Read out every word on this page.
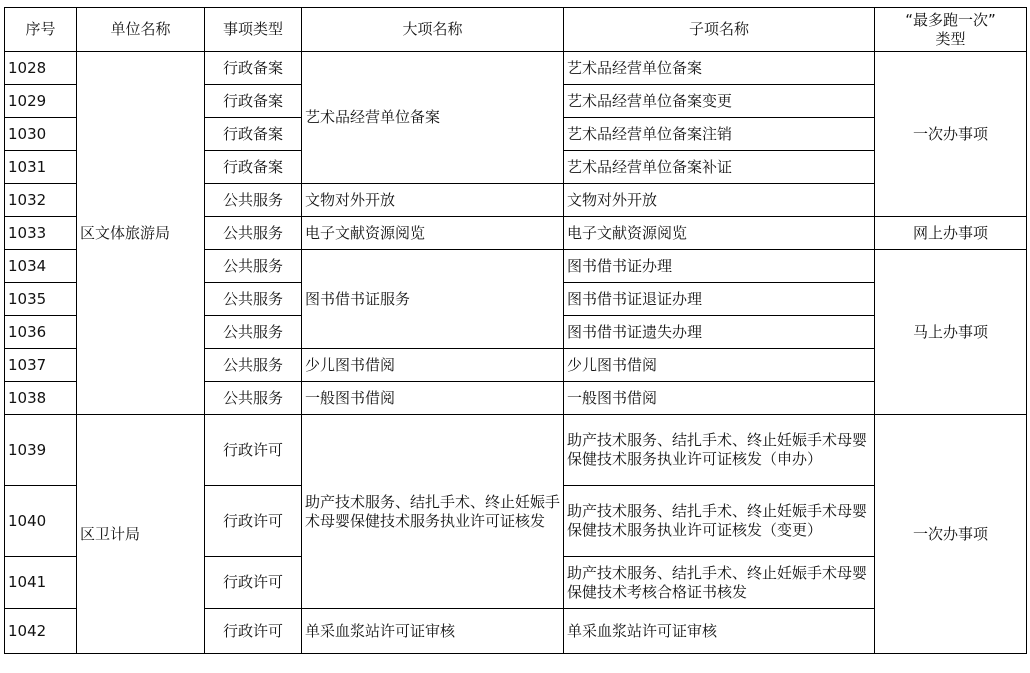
序号	单位名称	事项类型	大项名称	子项名称	“最多跑一次”
类型

1028	区文体旅游局	行政备案	艺术品经营单位备案	艺术品经营单位备案	一次办事项
1029		行政备案		艺术品经营单位备案变更	
1030		行政备案		艺术品经营单位备案注销	
1031		行政备案		艺术品经营单位备案补证	
1032		公共服务	文物对外开放	文物对外开放	
1033		公共服务	电子文献资源阅览	电子文献资源阅览	网上办事项
1034		公共服务	图书借书证服务	图书借书证办理	马上办事项
1035		公共服务		图书借书证退证办理	
1036		公共服务		图书借书证遗失办理	
1037		公共服务	少儿图书借阅	少儿图书借阅	
1038		公共服务	一般图书借阅	一般图书借阅	
1039	区卫计局	行政许可	助产技术服务、结扎手术、终止妊娠手术母婴保健技术服务执业许可证核发	助产技术服务、结扎手术、终止妊娠手术母婴保健技术服务执业许可证核发（申办）	一次办事项
1040		行政许可		助产技术服务、结扎手术、终止妊娠手术母婴保健技术服务执业许可证核发（变更）	
1041		行政许可		助产技术服务、结扎手术、终止妊娠手术母婴保健技术考核合格证书核发	
1042		行政许可	单采血浆站许可证审核	单采血浆站许可证审核	
